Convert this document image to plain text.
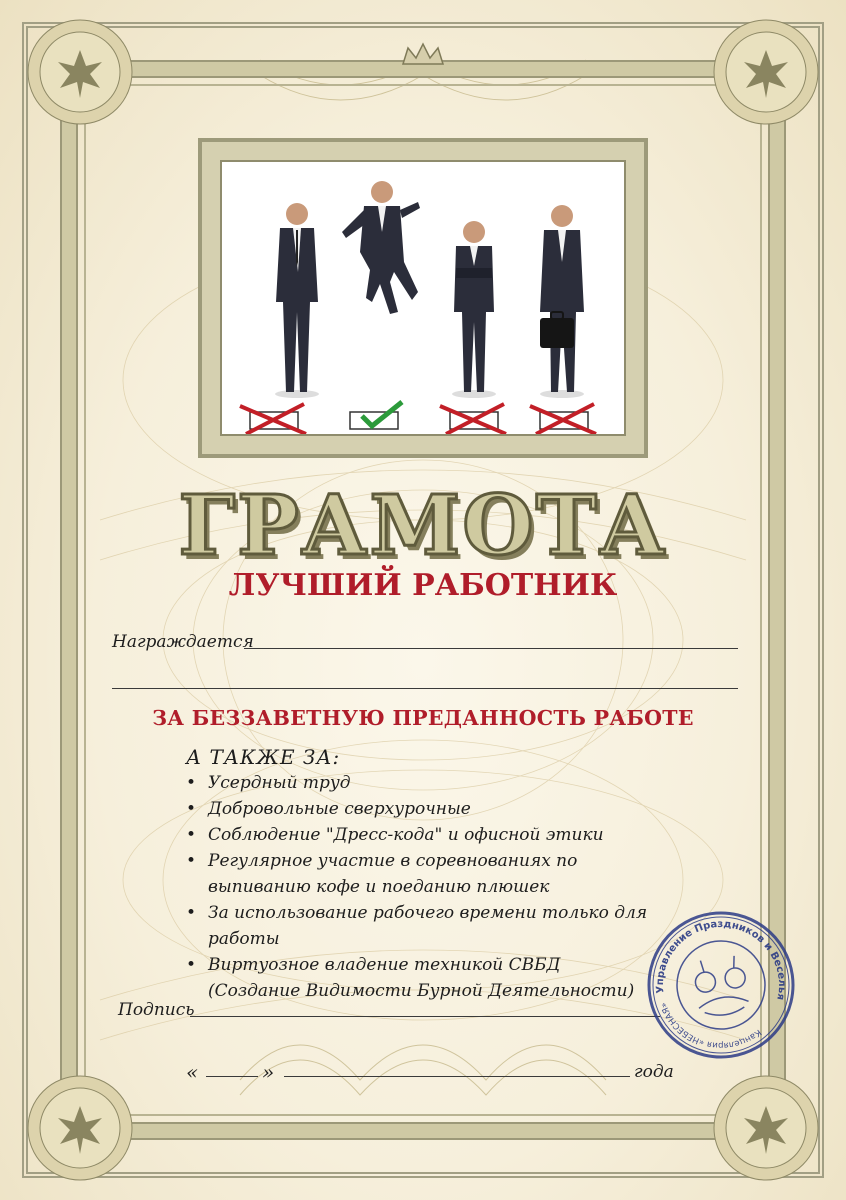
ГРАМОТА
ЛУЧШИЙ РАБОТНИК
Награждается
ЗА БЕЗЗАВЕТНУЮ ПРЕДАННОСТЬ РАБОТЕ
А ТАКЖЕ ЗА:
• Усердный труд
• Добровольные сверхурочные
• Соблюдение "Дресс-кода" и офисной этики
• Регулярное участие в соревнованиях по выпиванию кофе и поеданию плюшек
• За использование рабочего времени только для работы
• Виртуозное владение техникой СВБД (Создание Видимости Бурной Деятельности)
Подпись
«	»	года
Управление Праздников и Веселья
Канцелярия «НЕБЕСНАЯ»
